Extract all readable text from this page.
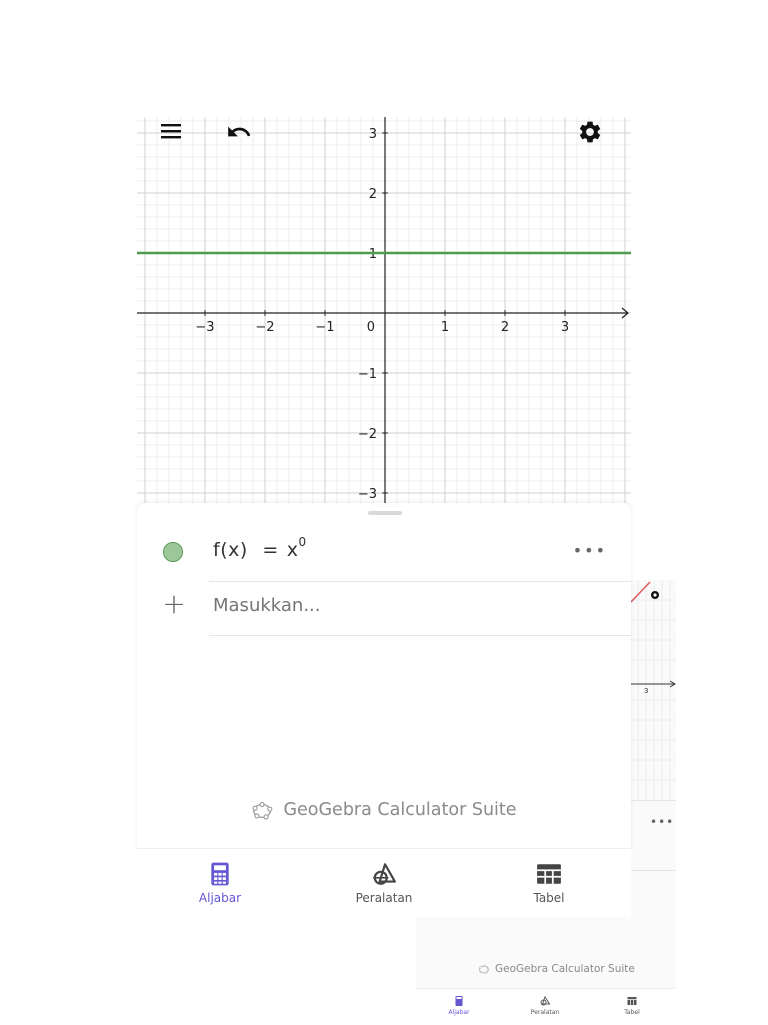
3
•••
GeoGebra Calculator Suite
Aljabar	Peralatan	Tabel
−3	−2	−1	1	2	3
3
2
1
−1
−2
−3
0
$f(x) = x^0$	•••
+
Masukkan...
GeoGebra Calculator Suite
Aljabar	Peralatan	Tabel
